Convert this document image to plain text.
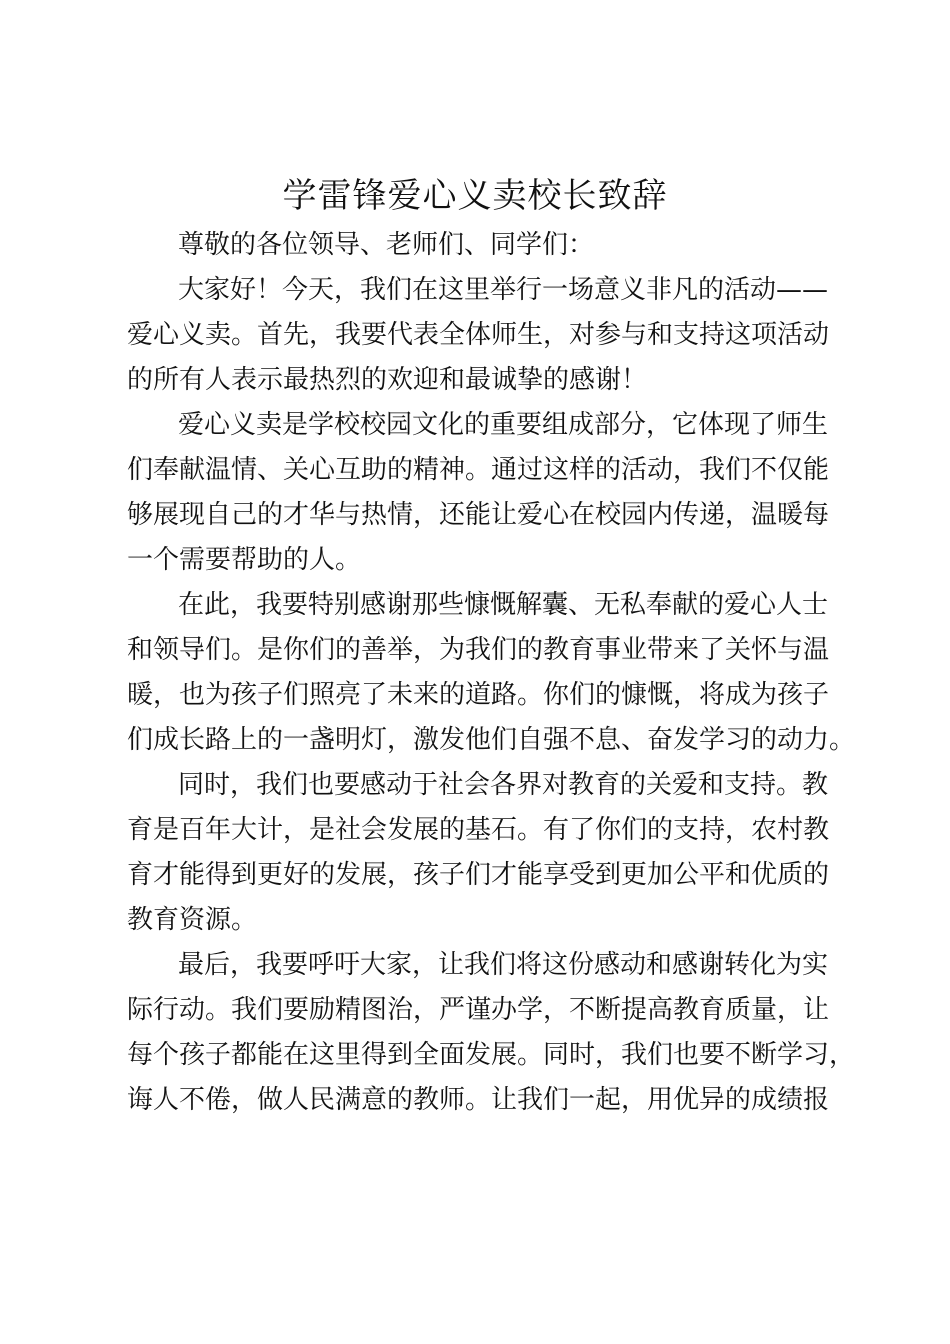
学雷锋爱心义卖校长致辞
尊敬的各位领导、老师们、同学们：
大家好！今天，我们在这里举行一场意义非凡的活动——
爱心义卖。首先，我要代表全体师生，对参与和支持这项活动
的所有人表示最热烈的欢迎和最诚挚的感谢！
爱心义卖是学校校园文化的重要组成部分，它体现了师生
们奉献温情、关心互助的精神。通过这样的活动，我们不仅能
够展现自己的才华与热情，还能让爱心在校园内传递，温暖每
一个需要帮助的人。
在此，我要特别感谢那些慷慨解囊、无私奉献的爱心人士
和领导们。是你们的善举，为我们的教育事业带来了关怀与温
暖，也为孩子们照亮了未来的道路。你们的慷慨，将成为孩子
们成长路上的一盏明灯，激发他们自强不息、奋发学习的动力。
同时，我们也要感动于社会各界对教育的关爱和支持。教
育是百年大计，是社会发展的基石。有了你们的支持，农村教
育才能得到更好的发展，孩子们才能享受到更加公平和优质的
教育资源。
最后，我要呼吁大家，让我们将这份感动和感谢转化为实
际行动。我们要励精图治，严谨办学，不断提高教育质量，让
每个孩子都能在这里得到全面发展。同时，我们也要不断学习，
诲人不倦，做人民满意的教师。让我们一起，用优异的成绩报
